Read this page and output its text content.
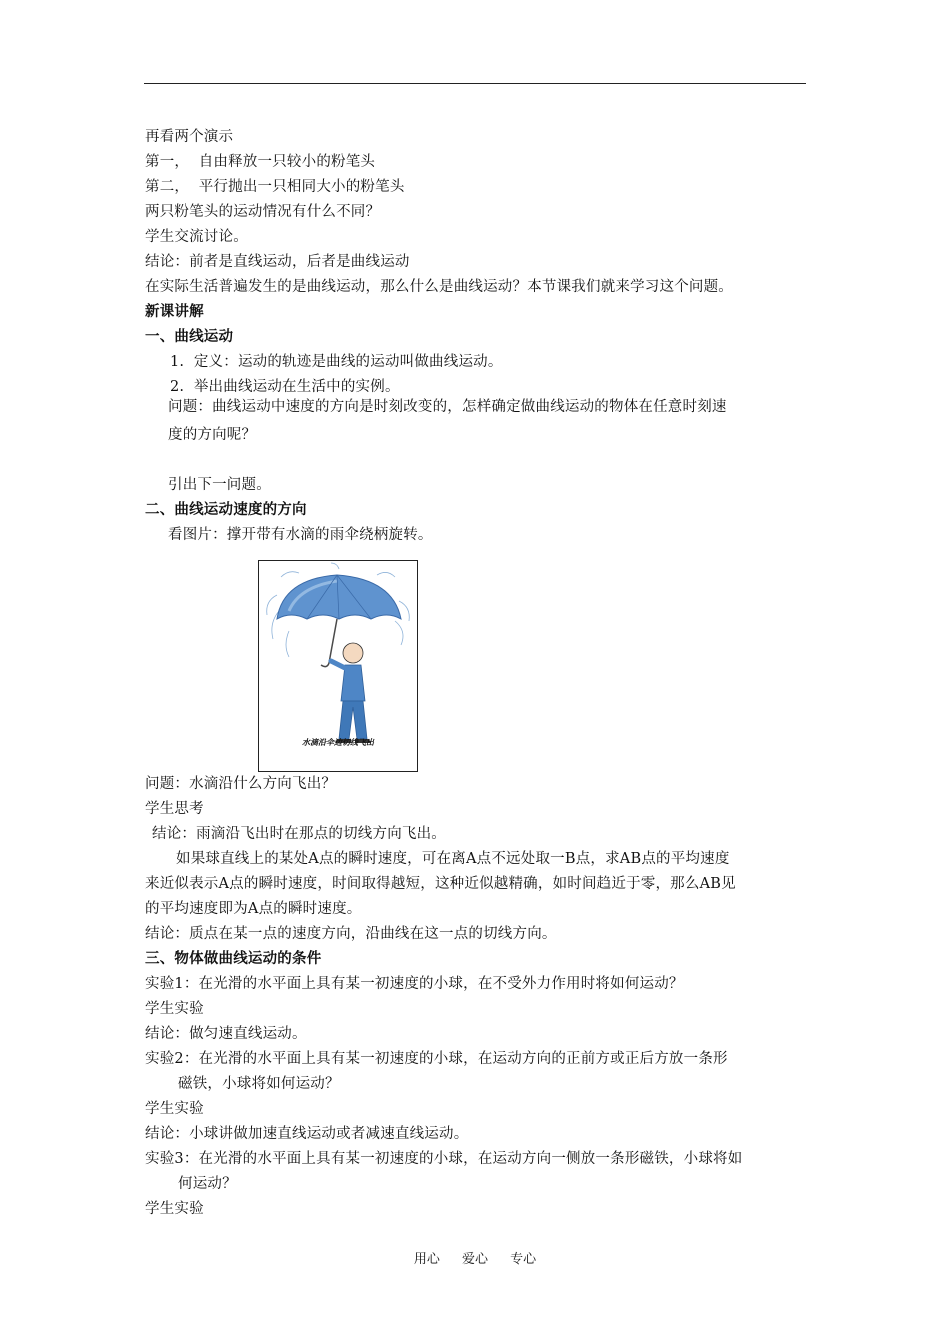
再看两个演示
第一，  自由释放一只较小的粉笔头
第二，  平行抛出一只相同大小的粉笔头
两只粉笔头的运动情况有什么不同？
学生交流讨论。
结论：前者是直线运动，后者是曲线运动
在实际生活普遍发生的是曲线运动，那么什么是曲线运动？本节课我们就来学习这个问题。
新课讲解
一、曲线运动
1.  定义：运动的轨迹是曲线的运动叫做曲线运动。
2.  举出曲线运动在生活中的实例。
问题：曲线运动中速度的方向是时刻改变的，怎样确定做曲线运动的物体在任意时刻速
度的方向呢？
引出下一问题。
二、曲线运动速度的方向
看图片：撑开带有水滴的雨伞绕柄旋转。
水滴沿伞边切线飞出
问题：水滴沿什么方向飞出？
学生思考
结论：雨滴沿飞出时在那点的切线方向飞出。
如果球直线上的某处A点的瞬时速度，可在离A点不远处取一B点，求AB点的平均速度
来近似表示A点的瞬时速度，时间取得越短，这种近似越精确，如时间趋近于零，那么AB见
的平均速度即为A点的瞬时速度。
结论：质点在某一点的速度方向，沿曲线在这一点的切线方向。
三、物体做曲线运动的条件
实验1：在光滑的水平面上具有某一初速度的小球，在不受外力作用时将如何运动？
学生实验
结论：做匀速直线运动。
实验2：在光滑的水平面上具有某一初速度的小球，在运动方向的正前方或正后方放一条形
磁铁，小球将如何运动？
学生实验
结论：小球讲做加速直线运动或者减速直线运动。
实验3：在光滑的水平面上具有某一初速度的小球，在运动方向一侧放一条形磁铁，小球将如
何运动？
学生实验
用心 爱心 专心
